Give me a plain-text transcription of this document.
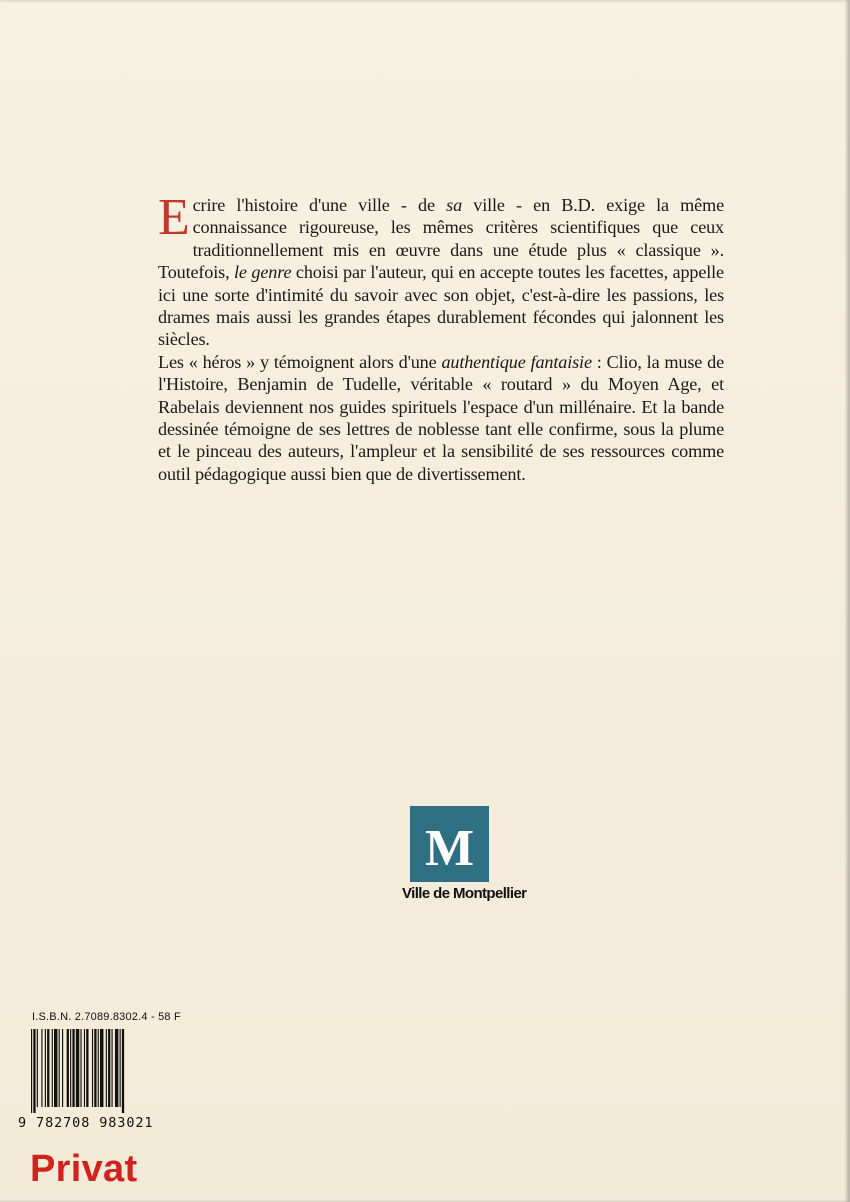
Ecrire l'histoire d'une ville - de sa ville - en B.D. exige la même connaissance rigoureuse, les mêmes critères scientifiques que ceux traditionnellement mis en œuvre dans une étude plus « classique ». Toutefois, le genre choisi par l'auteur, qui en accepte toutes les facettes, appelle ici une sorte d'intimité du savoir avec son objet, c'est-à-dire les passions, les drames mais aussi les grandes étapes durablement fécondes qui jalonnent les siècles.

Les « héros » y témoignent alors d'une authentique fantaisie : Clio, la muse de l'Histoire, Benjamin de Tudelle, véritable « routard » du Moyen Age, et Rabelais deviennent nos guides spirituels l'espace d'un millénaire. Et la bande dessinée témoigne de ses lettres de noblesse tant elle confirme, sous la plume et le pinceau des auteurs, l'ampleur et la sensibilité de ses ressources comme outil pédagogique aussi bien que de divertissement.

M
Ville de Montpellier
I.S.B.N. 2.7089.8302.4 - 58 F
9 782708 983021
Privat
